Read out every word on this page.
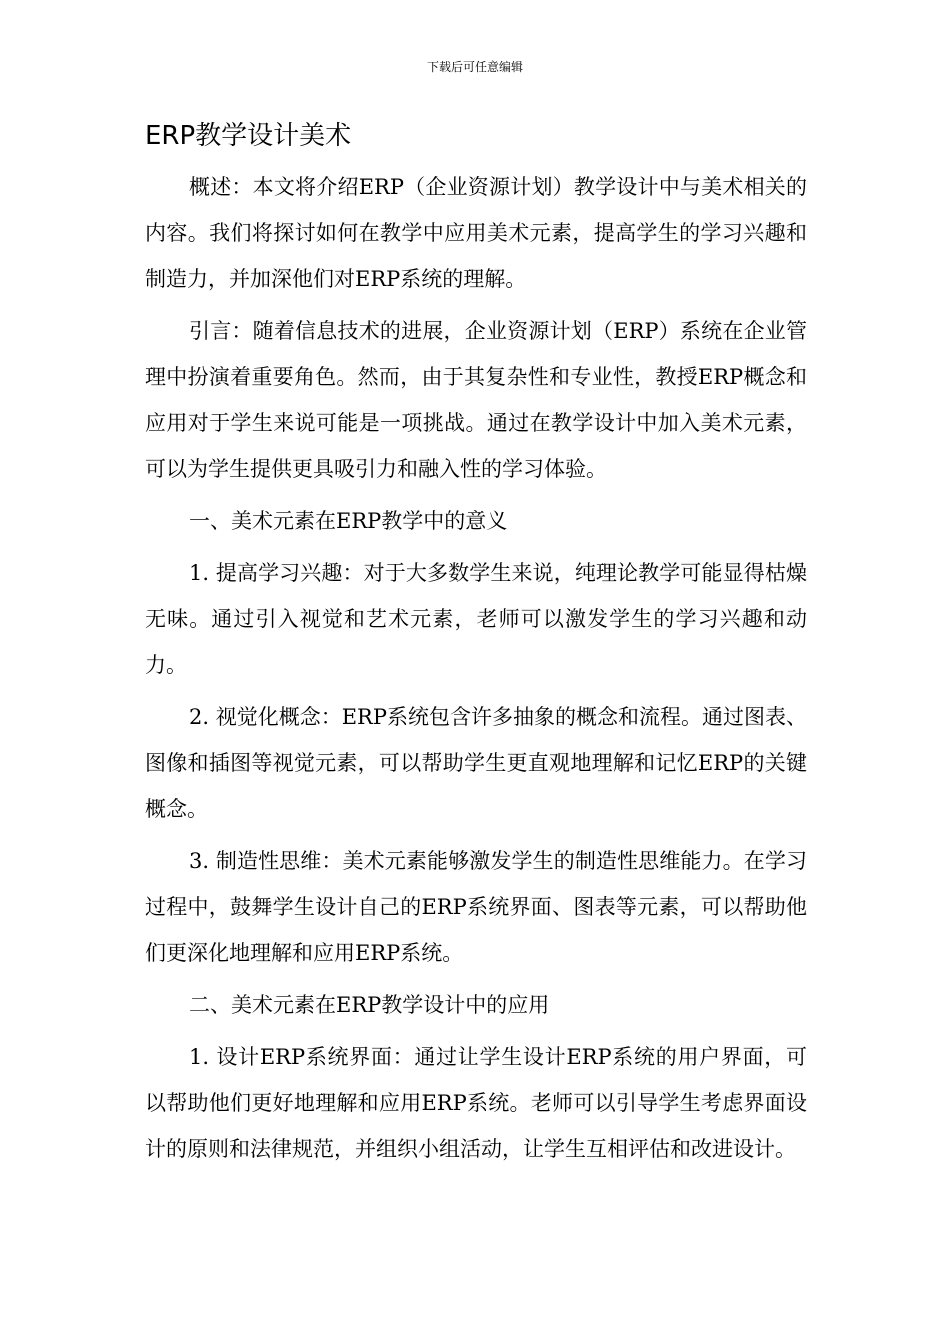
下载后可任意编辑
ERP教学设计美术

概述：本文将介绍ERP（企业资源计划）教学设计中与美术相关的内容。我们将探讨如何在教学中应用美术元素，提高学生的学习兴趣和制造力，并加深他们对ERP系统的理解。

引言：随着信息技术的进展，企业资源计划（ERP）系统在企业管理中扮演着重要角色。然而，由于其复杂性和专业性，教授ERP概念和应用对于学生来说可能是一项挑战。通过在教学设计中加入美术元素，可以为学生提供更具吸引力和融入性的学习体验。

一、美术元素在ERP教学中的意义

1. 提高学习兴趣：对于大多数学生来说，纯理论教学可能显得枯燥无味。通过引入视觉和艺术元素，老师可以激发学生的学习兴趣和动力。

2. 视觉化概念：ERP系统包含许多抽象的概念和流程。通过图表、图像和插图等视觉元素，可以帮助学生更直观地理解和记忆ERP的关键概念。

3. 制造性思维：美术元素能够激发学生的制造性思维能力。在学习过程中，鼓舞学生设计自己的ERP系统界面、图表等元素，可以帮助他们更深化地理解和应用ERP系统。

二、美术元素在ERP教学设计中的应用

1. 设计ERP系统界面：通过让学生设计ERP系统的用户界面，可以帮助他们更好地理解和应用ERP系统。老师可以引导学生考虑界面设计的原则和法律规范，并组织小组活动，让学生互相评估和改进设计。
